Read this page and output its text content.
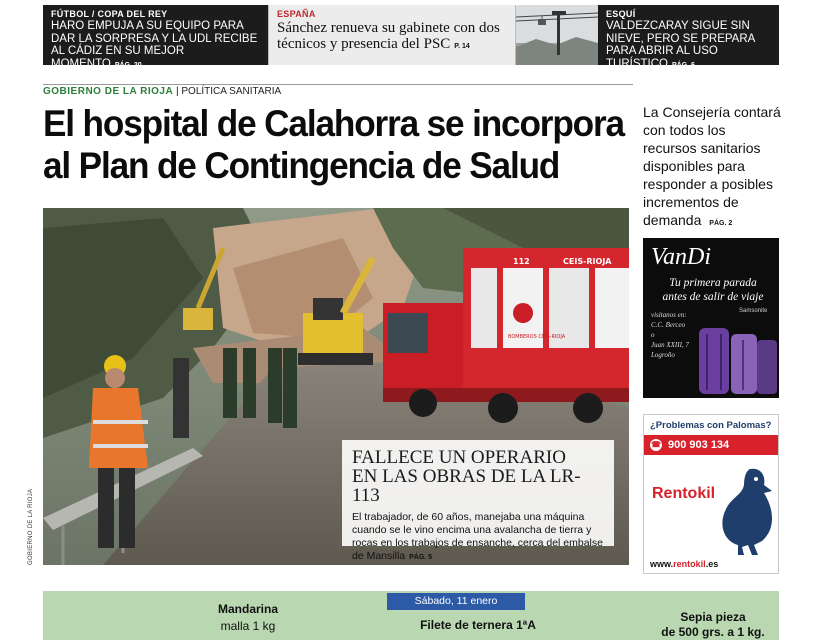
FÚTBOL / COPA DEL REY
HARO EMPUJA A SU EQUIPO PARA DAR LA SORPRESA Y LA UDL RECIBE AL CÁDIZ EN SU MEJOR MOMENTO PÁG. 20
ESPAÑA
Sánchez renueva su gabinete con dos técnicos y presencia del PSC P. 14
ESQUÍ
VALDEZCARAY SIGUE SIN NIEVE, PERO SE PREPARA PARA ABRIR AL USO TURÍSTICO PÁG. 6
GOBIERNO DE LA RIOJA | POLÍTICA SANITARIA
El hospital de Calahorra se incorpora
al Plan de Contingencia de Salud
La Consejería contará con todos los recursos sanitarios disponibles para responder a posibles incrementos de demanda PÁG. 2
CEIS-RIOJA
112
BOMBEROS CEIS-RIOJA
FALLECE UN OPERARIO
EN LAS OBRAS DE LA LR-113
El trabajador, de 60 años, manejaba una máquina cuando se le vino encima una avalancha de tierra y rocas en los trabajos de ensanche, cerca del embalse de Mansilla PÁG. 5
GOBIERNO DE LA RIOJA
VanDi
Tu primera parada
antes de salir de viaje
visítanos en:
C.C. Berceo
o
Juan XXIII, 7
Logroño
Samsonite
¿Problemas con Palomas?
☎ 900 903 134
Rentokil
www.rentokil.es
Sábado, 11 enero
Mandarina
malla 1 kg	Filete de ternera 1ªA
Sepia pieza
de 500 grs. a 1 kg.
